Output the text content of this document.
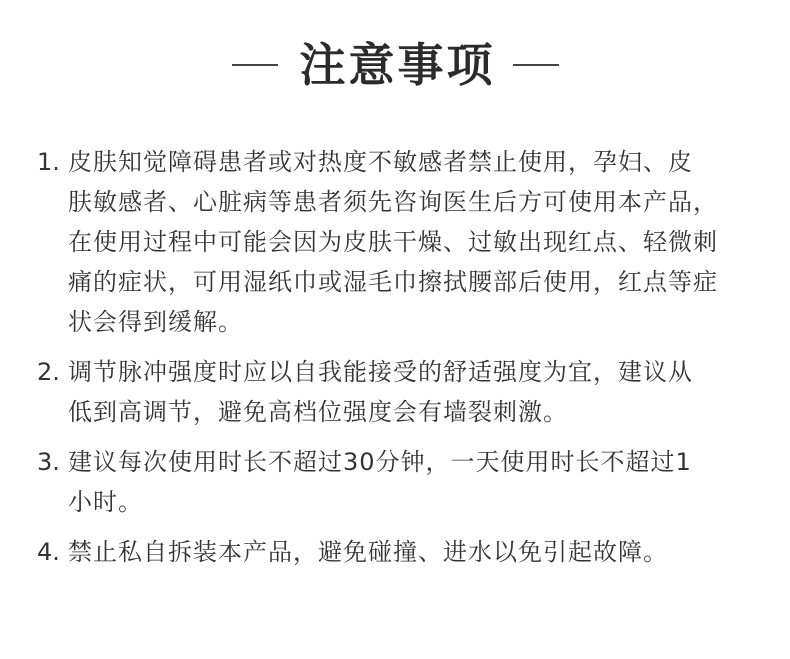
注意事项
1. 皮肤知觉障碍患者或对热度不敏感者禁止使用，孕妇、皮
肤敏感者、心脏病等患者须先咨询医生后方可使用本产品，
在使用过程中可能会因为皮肤干燥、过敏出现红点、轻微刺
痛的症状，可用湿纸巾或湿毛巾擦拭腰部后使用，红点等症
状会得到缓解。
2. 调节脉冲强度时应以自我能接受的舒适强度为宜，建议从
低到高调节，避免高档位强度会有墙裂刺激。
3. 建议每次使用时长不超过30分钟，一天使用时长不超过1
小时。
4. 禁止私自拆装本产品，避免碰撞、进水以免引起故障。
